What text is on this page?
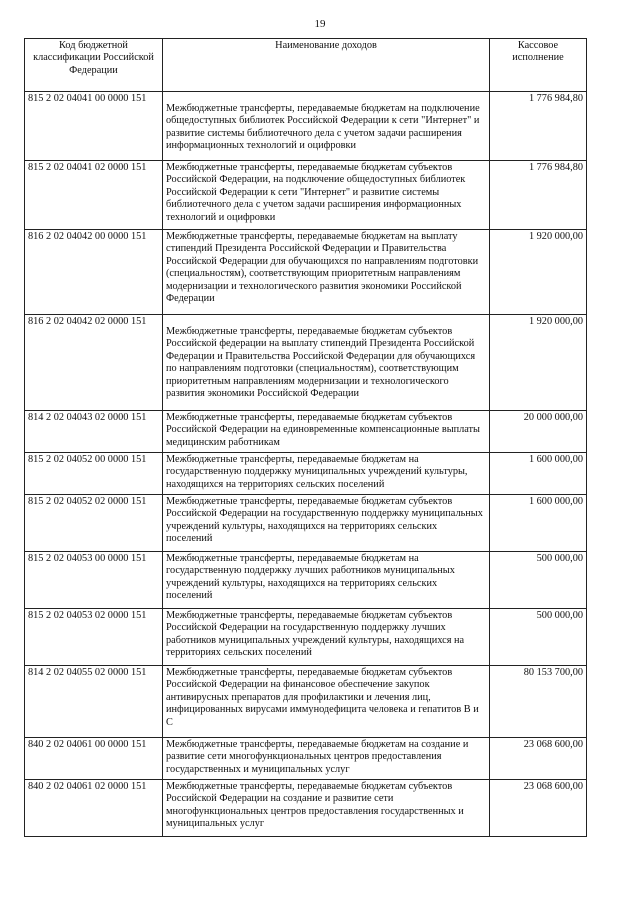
19
Код бюджетной классификации Российской Федерации	Наименование доходов	Кассовое исполнение
815 2 02 04041 00 0000 151	Межбюджетные трансферты, передаваемые бюджетам на подключение общедоступных библиотек Российской Федерации к сети "Интернет" и развитие системы библиотечного дела с учетом задачи расширения информационных технологий и оцифровки	1 776 984,80
815 2 02 04041 02 0000 151	Межбюджетные трансферты, передаваемые бюджетам субъектов Российской Федерации, на подключение общедоступных библиотек Российской Федерации к сети "Интернет" и развитие системы библиотечного дела с учетом задачи расширения информационных технологий и оцифровки	1 776 984,80
816 2 02 04042 00 0000 151	Межбюджетные трансферты, передаваемые бюджетам на выплату стипендий Президента Российской Федерации и Правительства Российской Федерации для обучающихся по направлениям подготовки (специальностям), соответствующим приоритетным направлениям модернизации и технологического развития экономики Российской Федерации	1 920 000,00
816 2 02 04042 02 0000 151	Межбюджетные трансферты, передаваемые бюджетам субъектов Российской федерации на выплату стипендий Президента Российской Федерации и Правительства Российской Федерации для обучающихся по направлениям подготовки (специальностям), соответствующим приоритетным направлениям модернизации и технологического развития экономики Российской Федерации	1 920 000,00
814 2 02 04043 02 0000 151	Межбюджетные трансферты, передаваемые бюджетам субъектов Российской Федерации на единовременные компенсационные выплаты медицинским работникам	20 000 000,00
815 2 02 04052 00 0000 151	Межбюджетные трансферты, передаваемые бюджетам на государственную поддержку муниципальных учреждений культуры, находящихся на территориях сельских поселений	1 600 000,00
815 2 02 04052 02 0000 151	Межбюджетные трансферты, передаваемые бюджетам субъектов Российской Федерации на государственную поддержку муниципальных учреждений культуры, находящихся на территориях сельских поселений	1 600 000,00
815 2 02 04053 00 0000 151	Межбюджетные трансферты, передаваемые бюджетам на государственную поддержку лучших работников муниципальных учреждений культуры, находящихся на территориях сельских поселений	500 000,00
815 2 02 04053 02 0000 151	Межбюджетные трансферты, передаваемые бюджетам субъектов Российской Федерации на государственную поддержку лучших работников муниципальных учреждений культуры, находящихся на территориях сельских поселений	500 000,00
814 2 02 04055 02 0000 151	Межбюджетные трансферты, передаваемые бюджетам субъектов Российской Федерации на финансовое обеспечение закупок антивирусных препаратов для профилактики и лечения лиц, инфицированных вирусами иммунодефицита человека и гепатитов В и С	80 153 700,00
840 2 02 04061 00 0000 151	Межбюджетные трансферты, передаваемые бюджетам на создание и развитие сети многофункциональных центров предоставления государственных и муниципальных услуг	23 068 600,00
840 2 02 04061 02 0000 151	Межбюджетные трансферты, передаваемые бюджетам субъектов Российской Федерации на создание и развитие сети многофункциональных центров предоставления государственных и муниципальных услуг	23 068 600,00
